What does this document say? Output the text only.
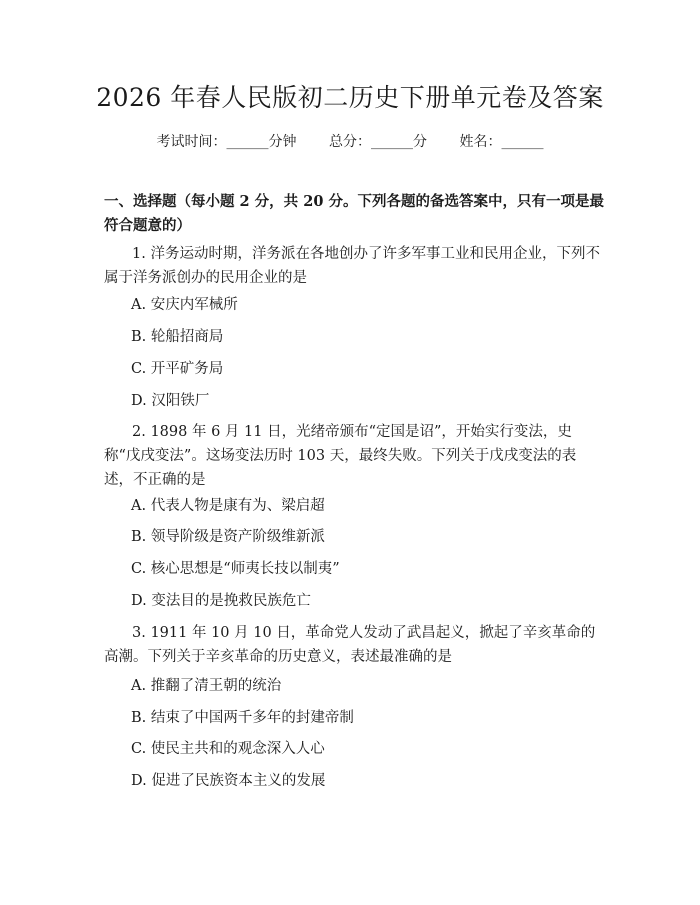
2026 年春人民版初二历史下册单元卷及答案
考试时间：______分钟 总分：______分 姓名：______
一、选择题（每小题 2 分，共 20 分。下列各题的备选答案中，只有一项是最符合题意的）
1. 洋务运动时期，洋务派在各地创办了许多军事工业和民用企业，下列不属于洋务派创办的民用企业的是
A. 安庆内军械所
B. 轮船招商局
C. 开平矿务局
D. 汉阳铁厂
2. 1898 年 6 月 11 日，光绪帝颁布“定国是诏”，开始实行变法，史称“戊戌变法”。这场变法历时 103 天，最终失败。下列关于戊戌变法的表述，不正确的是
A. 代表人物是康有为、梁启超
B. 领导阶级是资产阶级维新派
C. 核心思想是“师夷长技以制夷”
D. 变法目的是挽救民族危亡
3. 1911 年 10 月 10 日，革命党人发动了武昌起义，掀起了辛亥革命的高潮。下列关于辛亥革命的历史意义，表述最准确的是
A. 推翻了清王朝的统治
B. 结束了中国两千多年的封建帝制
C. 使民主共和的观念深入人心
D. 促进了民族资本主义的发展
